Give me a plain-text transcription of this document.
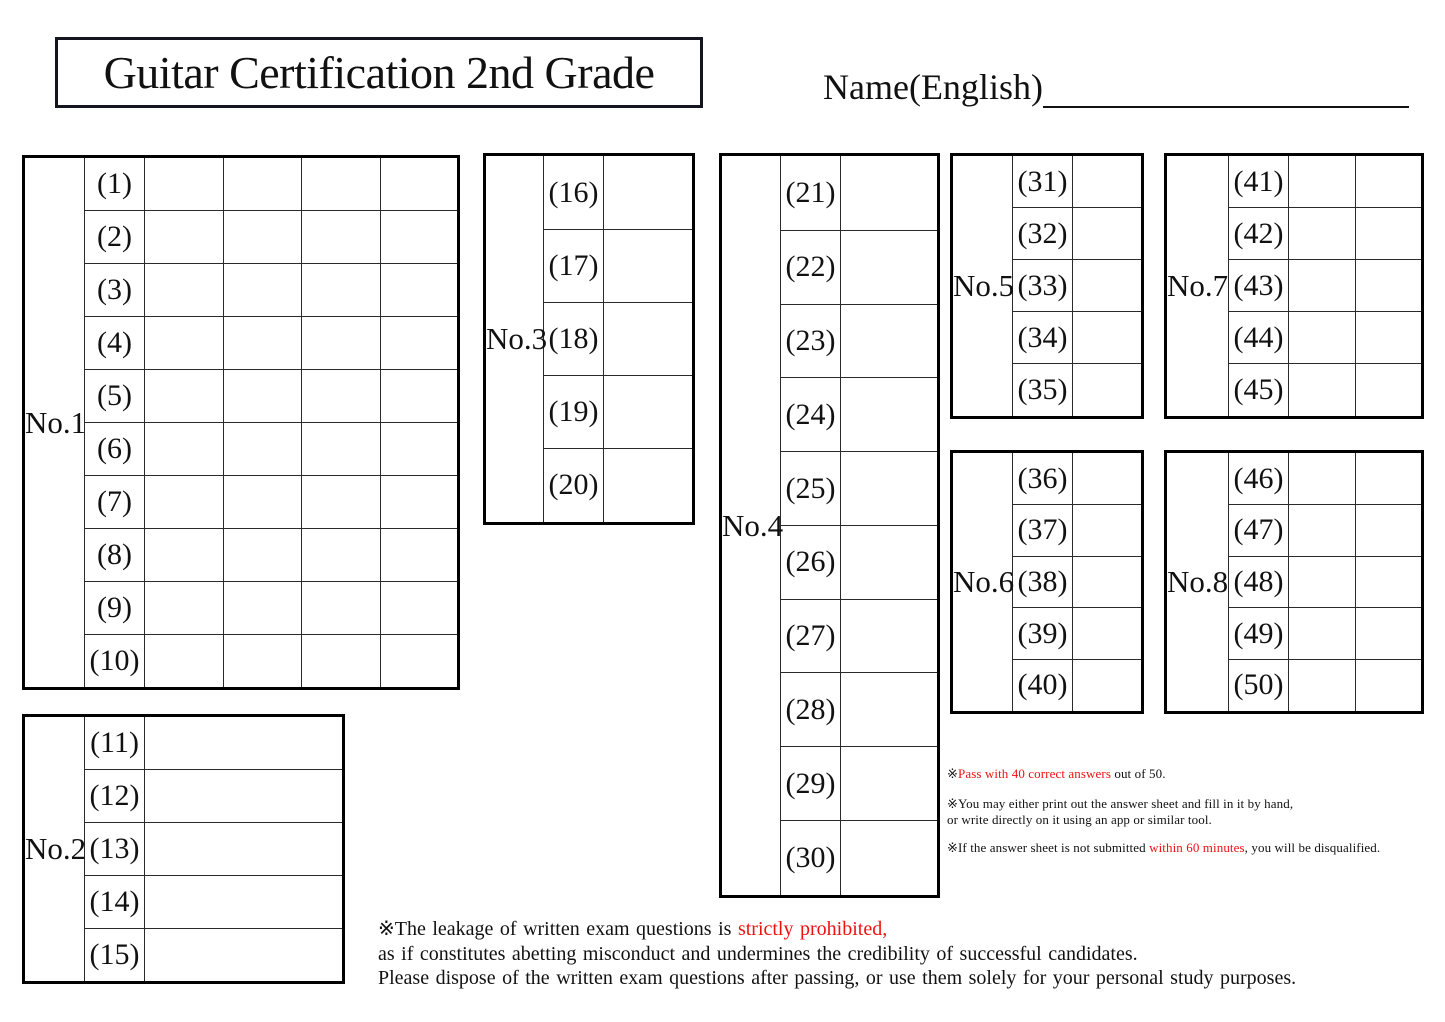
Guitar Certification 2nd Grade	Name(English)
No.1	(1)				
	(2)				
	(3)				
	(4)				
	(5)				
	(6)				
	(7)				
	(8)				
	(9)				
	(10)				
No.2	(11)	
	(12)	
	(13)	
	(14)	
	(15)	
No.3	(16)	
	(17)	
	(18)	
	(19)	
	(20)	
No.4	(21)	
	(22)	
	(23)	
	(24)	
	(25)	
	(26)	
	(27)	
	(28)	
	(29)	
	(30)	
No.5	(31)	
	(32)	
	(33)	
	(34)	
	(35)	
No.6	(36)	
	(37)	
	(38)	
	(39)	
	(40)	
No.7	(41)		
	(42)		
	(43)		
	(44)		
	(45)		
No.8	(46)		
	(47)		
	(48)		
	(49)		
	(50)		

※Pass with 40 correct answers out of 50.

※You may either print out the answer sheet and fill in it by hand,
or write directly on it using an app or similar tool.

※If the answer sheet is not submitted within 60 minutes, you will be disqualified.

※The leakage of written exam questions is strictly prohibited,
as if constitutes abetting misconduct and undermines the credibility of successful candidates.
Please dispose of the written exam questions after passing, or use them solely for your personal study purposes.
